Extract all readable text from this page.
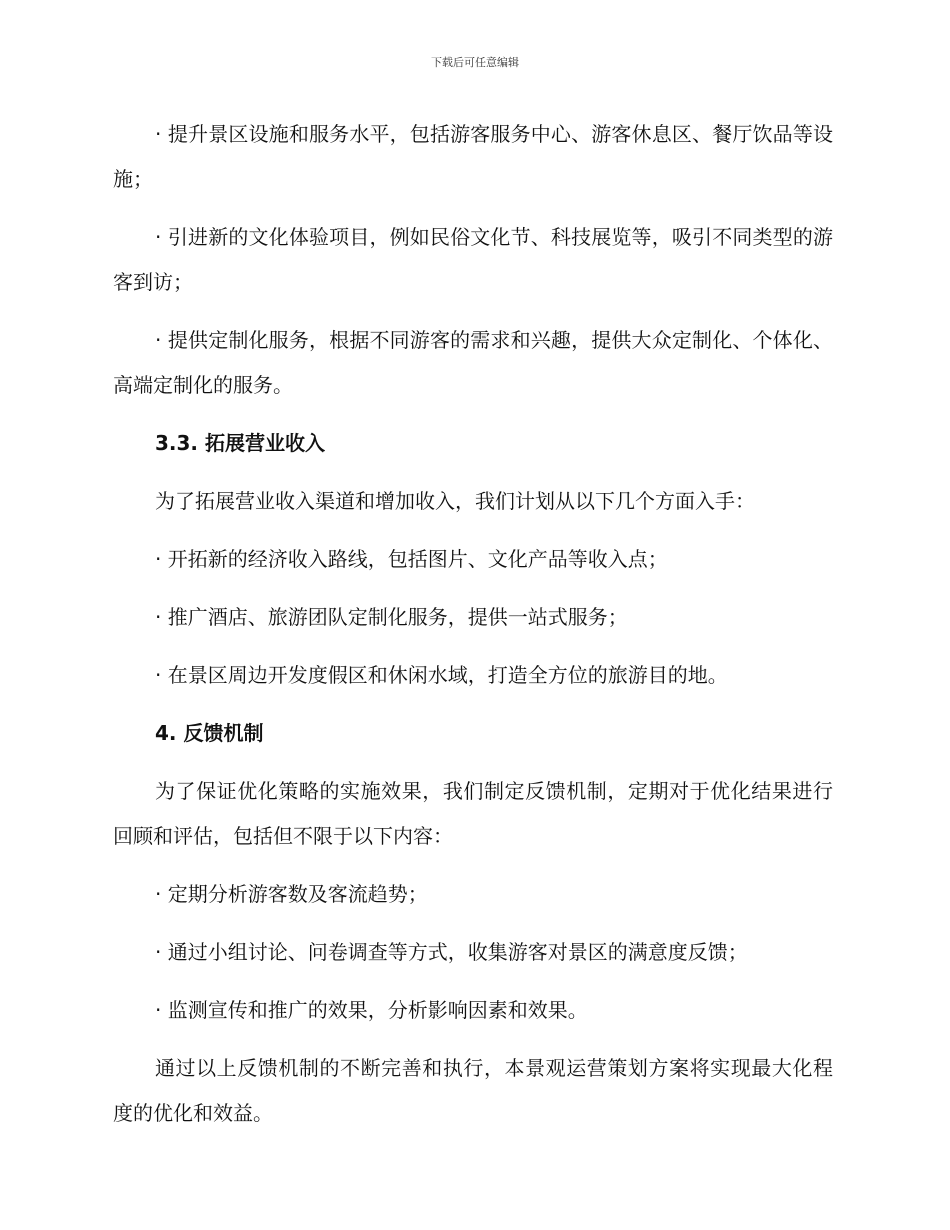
下载后可任意编辑

· 提升景区设施和服务水平，包括游客服务中心、游客休息区、餐厅饮品等设施；

· 引进新的文化体验项目，例如民俗文化节、科技展览等，吸引不同类型的游客到访；

· 提供定制化服务，根据不同游客的需求和兴趣，提供大众定制化、个体化、高端定制化的服务。

3.3. 拓展营业收入

为了拓展营业收入渠道和增加收入，我们计划从以下几个方面入手：

· 开拓新的经济收入路线，包括图片、文化产品等收入点；

· 推广酒店、旅游团队定制化服务，提供一站式服务；

· 在景区周边开发度假区和休闲水域，打造全方位的旅游目的地。

4. 反馈机制

为了保证优化策略的实施效果，我们制定反馈机制，定期对于优化结果进行回顾和评估，包括但不限于以下内容：

· 定期分析游客数及客流趋势；

· 通过小组讨论、问卷调查等方式，收集游客对景区的满意度反馈；

· 监测宣传和推广的效果，分析影响因素和效果。

通过以上反馈机制的不断完善和执行，本景观运营策划方案将实现最大化程度的优化和效益。
